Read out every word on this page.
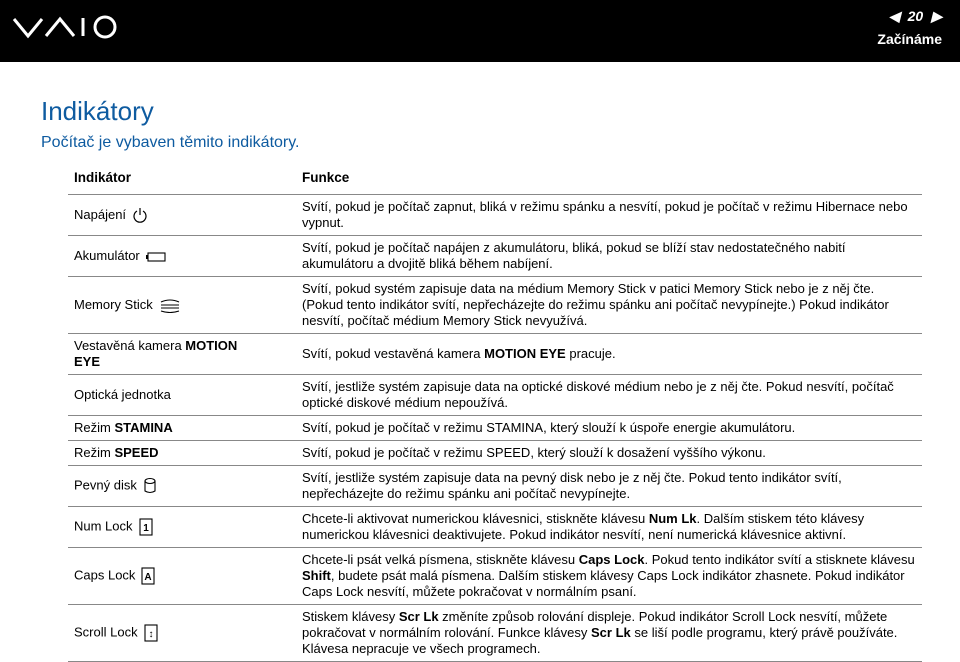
◀ 20 ▶
Začínáme
Indikátory

Počítač je vybaven těmito indikátory.

Indikátor	Funkce
Napájení	Svítí, pokud je počítač zapnut, bliká v režimu spánku a nesvítí, pokud je počítač v režimu Hibernace nebo vypnut.
Akumulátor	Svítí, pokud je počítač napájen z akumulátoru, bliká, pokud se blíží stav nedostatečného nabití akumulátoru a dvojitě bliká během nabíjení.
Memory Stick	Svítí, pokud systém zapisuje data na médium Memory Stick v patici Memory Stick nebo je z něj čte. (Pokud tento indikátor svítí, nepřecházejte do režimu spánku ani počítač nevypínejte.) Pokud indikátor nesvítí, počítač médium Memory Stick nevyužívá.
Vestavěná kamera MOTION EYE	Svítí, pokud vestavěná kamera MOTION EYE pracuje.
Optická jednotka	Svítí, jestliže systém zapisuje data na optické diskové médium nebo je z něj čte. Pokud nesvítí, počítač optické diskové médium nepoužívá.
Režim STAMINA	Svítí, pokud je počítač v režimu STAMINA, který slouží k úspoře energie akumulátoru.
Režim SPEED	Svítí, pokud je počítač v režimu SPEED, který slouží k dosažení vyššího výkonu.
Pevný disk	Svítí, jestliže systém zapisuje data na pevný disk nebo je z něj čte. Pokud tento indikátor svítí, nepřecházejte do režimu spánku ani počítač nevypínejte.
Num Lock 1	Chcete-li aktivovat numerickou klávesnici, stiskněte klávesu Num Lk. Dalším stiskem této klávesy numerickou klávesnici deaktivujete. Pokud indikátor nesvítí, není numerická klávesnice aktivní.
Caps Lock A	Chcete-li psát velká písmena, stiskněte klávesu Caps Lock. Pokud tento indikátor svítí a stisknete klávesu Shift, budete psát malá písmena. Dalším stiskem klávesy Caps Lock indikátor zhasnete. Pokud indikátor Caps Lock nesvítí, můžete pokračovat v normálním psaní.
Scroll Lock ↕	Stiskem klávesy Scr Lk změníte způsob rolování displeje. Pokud indikátor Scroll Lock nesvítí, můžete pokračovat v normálním rolování. Funkce klávesy Scr Lk se liší podle programu, který právě používáte. Klávesa nepracuje ve všech programech.
